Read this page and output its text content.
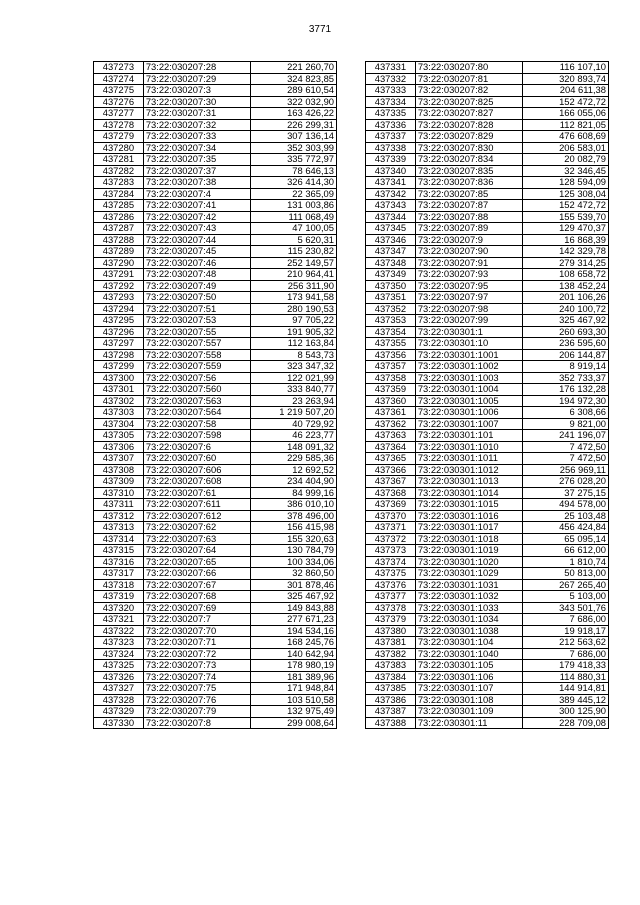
3771
437273	73:22:030207:28	221 260,70
437274	73:22:030207:29	324 823,85
437275	73:22:030207:3	289 610,54
437276	73:22:030207:30	322 032,90
437277	73:22:030207:31	163 426,22
437278	73:22:030207:32	226 299,31
437279	73:22:030207:33	307 136,14
437280	73:22:030207:34	352 303,99
437281	73:22:030207:35	335 772,97
437282	73:22:030207:37	78 646,13
437283	73:22:030207:38	326 414,30
437284	73:22:030207:4	22 365,09
437285	73:22:030207:41	131 003,86
437286	73:22:030207:42	111 068,49
437287	73:22:030207:43	47 100,05
437288	73:22:030207:44	5 620,31
437289	73:22:030207:45	115 230,82
437290	73:22:030207:46	252 149,57
437291	73:22:030207:48	210 964,41
437292	73:22:030207:49	256 311,90
437293	73:22:030207:50	173 941,58
437294	73:22:030207:51	280 190,53
437295	73:22:030207:53	97 705,22
437296	73:22:030207:55	191 905,32
437297	73:22:030207:557	112 163,84
437298	73:22:030207:558	8 543,73
437299	73:22:030207:559	323 347,32
437300	73:22:030207:56	122 021,99
437301	73:22:030207:560	333 840,77
437302	73:22:030207:563	23 263,94
437303	73:22:030207:564	1 219 507,20
437304	73:22:030207:58	40 729,92
437305	73:22:030207:598	46 223,77
437306	73:22:030207:6	148 091,32
437307	73:22:030207:60	229 585,36
437308	73:22:030207:606	12 692,52
437309	73:22:030207:608	234 404,90
437310	73:22:030207:61	84 999,16
437311	73:22:030207:611	386 010,10
437312	73:22:030207:612	378 496,00
437313	73:22:030207:62	156 415,98
437314	73:22:030207:63	155 320,63
437315	73:22:030207:64	130 784,79
437316	73:22:030207:65	100 334,06
437317	73:22:030207:66	32 860,50
437318	73:22:030207:67	301 878,46
437319	73:22:030207:68	325 467,92
437320	73:22:030207:69	149 843,88
437321	73:22:030207:7	277 671,23
437322	73:22:030207:70	194 534,16
437323	73:22:030207:71	168 245,76
437324	73:22:030207:72	140 642,94
437325	73:22:030207:73	178 980,19
437326	73:22:030207:74	181 389,96
437327	73:22:030207:75	171 948,84
437328	73:22:030207:76	103 510,58
437329	73:22:030207:79	132 975,49
437330	73:22:030207:8	299 008,64
437331	73:22:030207:80	116 107,10
437332	73:22:030207:81	320 893,74
437333	73:22:030207:82	204 611,38
437334	73:22:030207:825	152 472,72
437335	73:22:030207:827	166 055,06
437336	73:22:030207:828	112 821,05
437337	73:22:030207:829	476 608,69
437338	73:22:030207:830	206 583,01
437339	73:22:030207:834	20 082,79
437340	73:22:030207:835	32 346,45
437341	73:22:030207:836	128 594,09
437342	73:22:030207:85	125 308,04
437343	73:22:030207:87	152 472,72
437344	73:22:030207:88	155 539,70
437345	73:22:030207:89	129 470,37
437346	73:22:030207:9	16 868,39
437347	73:22:030207:90	142 329,78
437348	73:22:030207:91	279 314,25
437349	73:22:030207:93	108 658,72
437350	73:22:030207:95	138 452,24
437351	73:22:030207:97	201 106,26
437352	73:22:030207:98	240 100,72
437353	73:22:030207:99	325 467,92
437354	73:22:030301:1	260 693,30
437355	73:22:030301:10	236 595,60
437356	73:22:030301:1001	206 144,87
437357	73:22:030301:1002	8 919,14
437358	73:22:030301:1003	352 733,37
437359	73:22:030301:1004	176 132,28
437360	73:22:030301:1005	194 972,30
437361	73:22:030301:1006	6 308,66
437362	73:22:030301:1007	9 821,00
437363	73:22:030301:101	241 196,07
437364	73:22:030301:1010	7 472,50
437365	73:22:030301:1011	7 472,50
437366	73:22:030301:1012	256 969,11
437367	73:22:030301:1013	276 028,20
437368	73:22:030301:1014	37 275,15
437369	73:22:030301:1015	494 578,00
437370	73:22:030301:1016	25 103,48
437371	73:22:030301:1017	456 424,84
437372	73:22:030301:1018	65 095,14
437373	73:22:030301:1019	66 612,00
437374	73:22:030301:1020	1 810,74
437375	73:22:030301:1029	50 813,00
437376	73:22:030301:1031	267 265,40
437377	73:22:030301:1032	5 103,00
437378	73:22:030301:1033	343 501,76
437379	73:22:030301:1034	7 686,00
437380	73:22:030301:1038	19 918,17
437381	73:22:030301:104	212 563,62
437382	73:22:030301:1040	7 686,00
437383	73:22:030301:105	179 418,33
437384	73:22:030301:106	114 880,31
437385	73:22:030301:107	144 914,81
437386	73:22:030301:108	389 445,12
437387	73:22:030301:109	300 125,90
437388	73:22:030301:11	228 709,08
